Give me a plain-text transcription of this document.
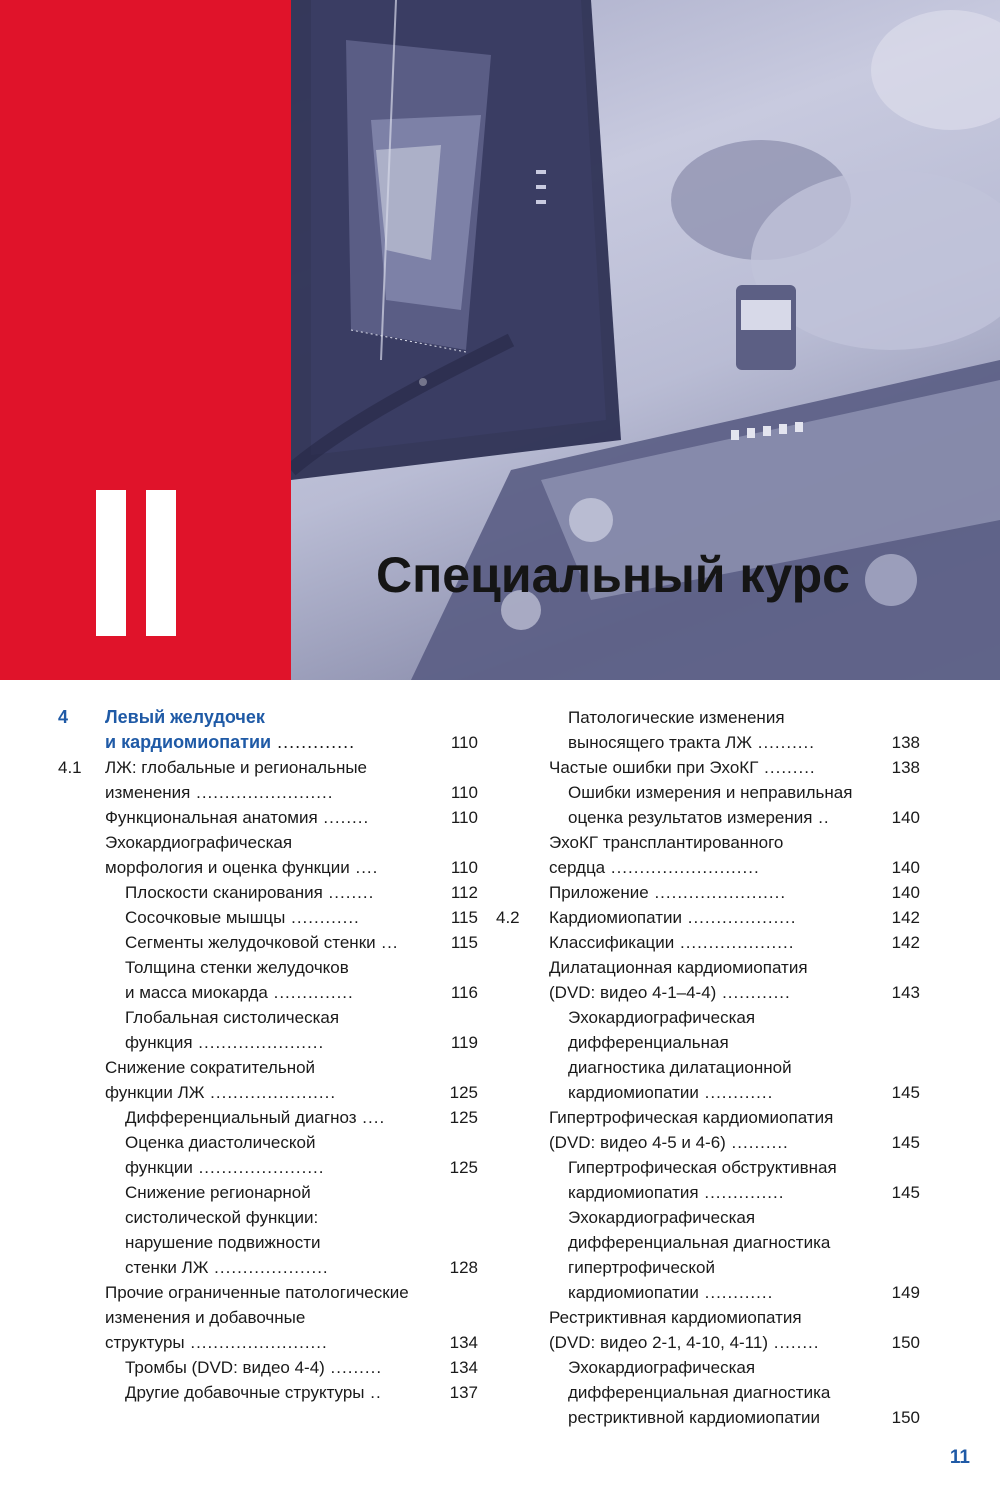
Специальный курс
4 Левый желудочек
и кардиомиопатии .............	110
4.1 ЛЖ: глобальные и региональные
изменения ........................	110
Функциональная анатомия ........	110
Эхокардиографическая
морфология и оценка функции ....	110
Плоскости сканирования ........	112
Сосочковые мышцы ............	115
Сегменты желудочковой стенки ...	115
Толщина стенки желудочков
и масса миокарда ..............	116
Глобальная систолическая
функция ......................	119
Снижение сократительной
функции ЛЖ ......................	125
Дифференциальный диагноз ....	125
Оценка диастолической
функции ......................	125
Снижение регионарной
систолической функции:
нарушение подвижности
стенки ЛЖ ....................	128
Прочие ограниченные патологические
изменения и добавочные
структуры ........................	134
Тромбы (DVD: видео 4-4) .........	134
Другие добавочные структуры ..	137
Патологические изменения
выносящего тракта ЛЖ ..........	138
Частые ошибки при ЭхоКГ .........	138
Ошибки измерения и неправильная
оценка результатов измерения ..	140
ЭхоКГ трансплантированного
сердца ..........................	140
Приложение .......................	140
4.2 Кардиомиопатии ...................	142
Классификации ....................	142
Дилатационная кардиомиопатия
(DVD: видео 4-1–4-4) ............	143
Эхокардиографическая
дифференциальная
диагностика дилатационной
кардиомиопатии ............	145
Гипертрофическая кардиомиопатия
(DVD: видео 4-5 и 4-6) ..........	145
Гипертрофическая обструктивная
кардиомиопатия ..............	145
Эхокардиографическая
дифференциальная диагностика
гипертрофической
кардиомиопатии ............	149
Рестриктивная кардиомиопатия
(DVD: видео 2-1, 4-10, 4-11) ........	150
Эхокардиографическая
дифференциальная диагностика
рестриктивной кардиомиопатии	150
11
